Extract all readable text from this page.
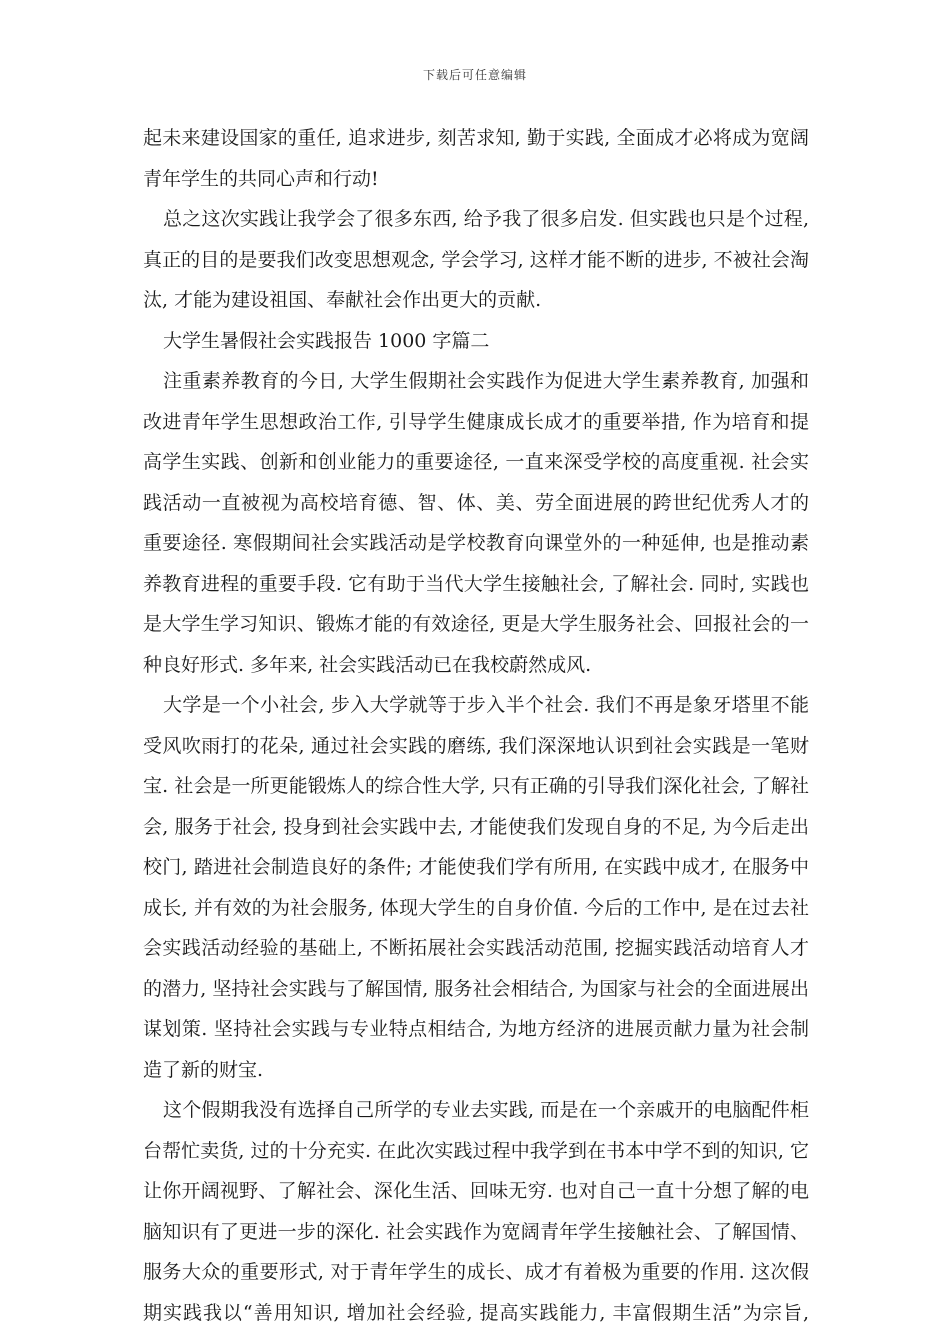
下载后可任意编辑
起未来建设国家的重任, 追求进步, 刻苦求知, 勤于实践, 全面成才必将成为宽阔
青年学生的共同心声和行动!
总之这次实践让我学会了很多东西, 给予我了很多启发. 但实践也只是个过程,
真正的目的是要我们改变思想观念, 学会学习, 这样才能不断的进步, 不被社会淘
汰, 才能为建设祖国、奉献社会作出更大的贡献.
大学生暑假社会实践报告 1000 字篇二
注重素养教育的今日, 大学生假期社会实践作为促进大学生素养教育, 加强和
改进青年学生思想政治工作, 引导学生健康成长成才的重要举措, 作为培育和提
高学生实践、创新和创业能力的重要途径, 一直来深受学校的高度重视. 社会实
践活动一直被视为高校培育德、智、体、美、劳全面进展的跨世纪优秀人才的
重要途径. 寒假期间社会实践活动是学校教育向课堂外的一种延伸, 也是推动素
养教育进程的重要手段. 它有助于当代大学生接触社会, 了解社会. 同时, 实践也
是大学生学习知识、锻炼才能的有效途径, 更是大学生服务社会、回报社会的一
种良好形式. 多年来, 社会实践活动已在我校蔚然成风.
大学是一个小社会, 步入大学就等于步入半个社会. 我们不再是象牙塔里不能
受风吹雨打的花朵, 通过社会实践的磨练, 我们深深地认识到社会实践是一笔财
宝. 社会是一所更能锻炼人的综合性大学, 只有正确的引导我们深化社会, 了解社
会, 服务于社会, 投身到社会实践中去, 才能使我们发现自身的不足, 为今后走出
校门, 踏进社会制造良好的条件; 才能使我们学有所用, 在实践中成才, 在服务中
成长, 并有效的为社会服务, 体现大学生的自身价值. 今后的工作中, 是在过去社
会实践活动经验的基础上, 不断拓展社会实践活动范围, 挖掘实践活动培育人才
的潜力, 坚持社会实践与了解国情, 服务社会相结合, 为国家与社会的全面进展出
谋划策. 坚持社会实践与专业特点相结合, 为地方经济的进展贡献力量为社会制
造了新的财宝.
这个假期我没有选择自己所学的专业去实践, 而是在一个亲戚开的电脑配件柜
台帮忙卖货, 过的十分充实. 在此次实践过程中我学到在书本中学不到的知识, 它
让你开阔视野、了解社会、深化生活、回味无穷. 也对自己一直十分想了解的电
脑知识有了更进一步的深化. 社会实践作为宽阔青年学生接触社会、了解国情、
服务大众的重要形式, 对于青年学生的成长、成才有着极为重要的作用. 这次假
期实践我以“善用知识, 增加社会经验, 提高实践能力, 丰富假期生活”为宗旨,
